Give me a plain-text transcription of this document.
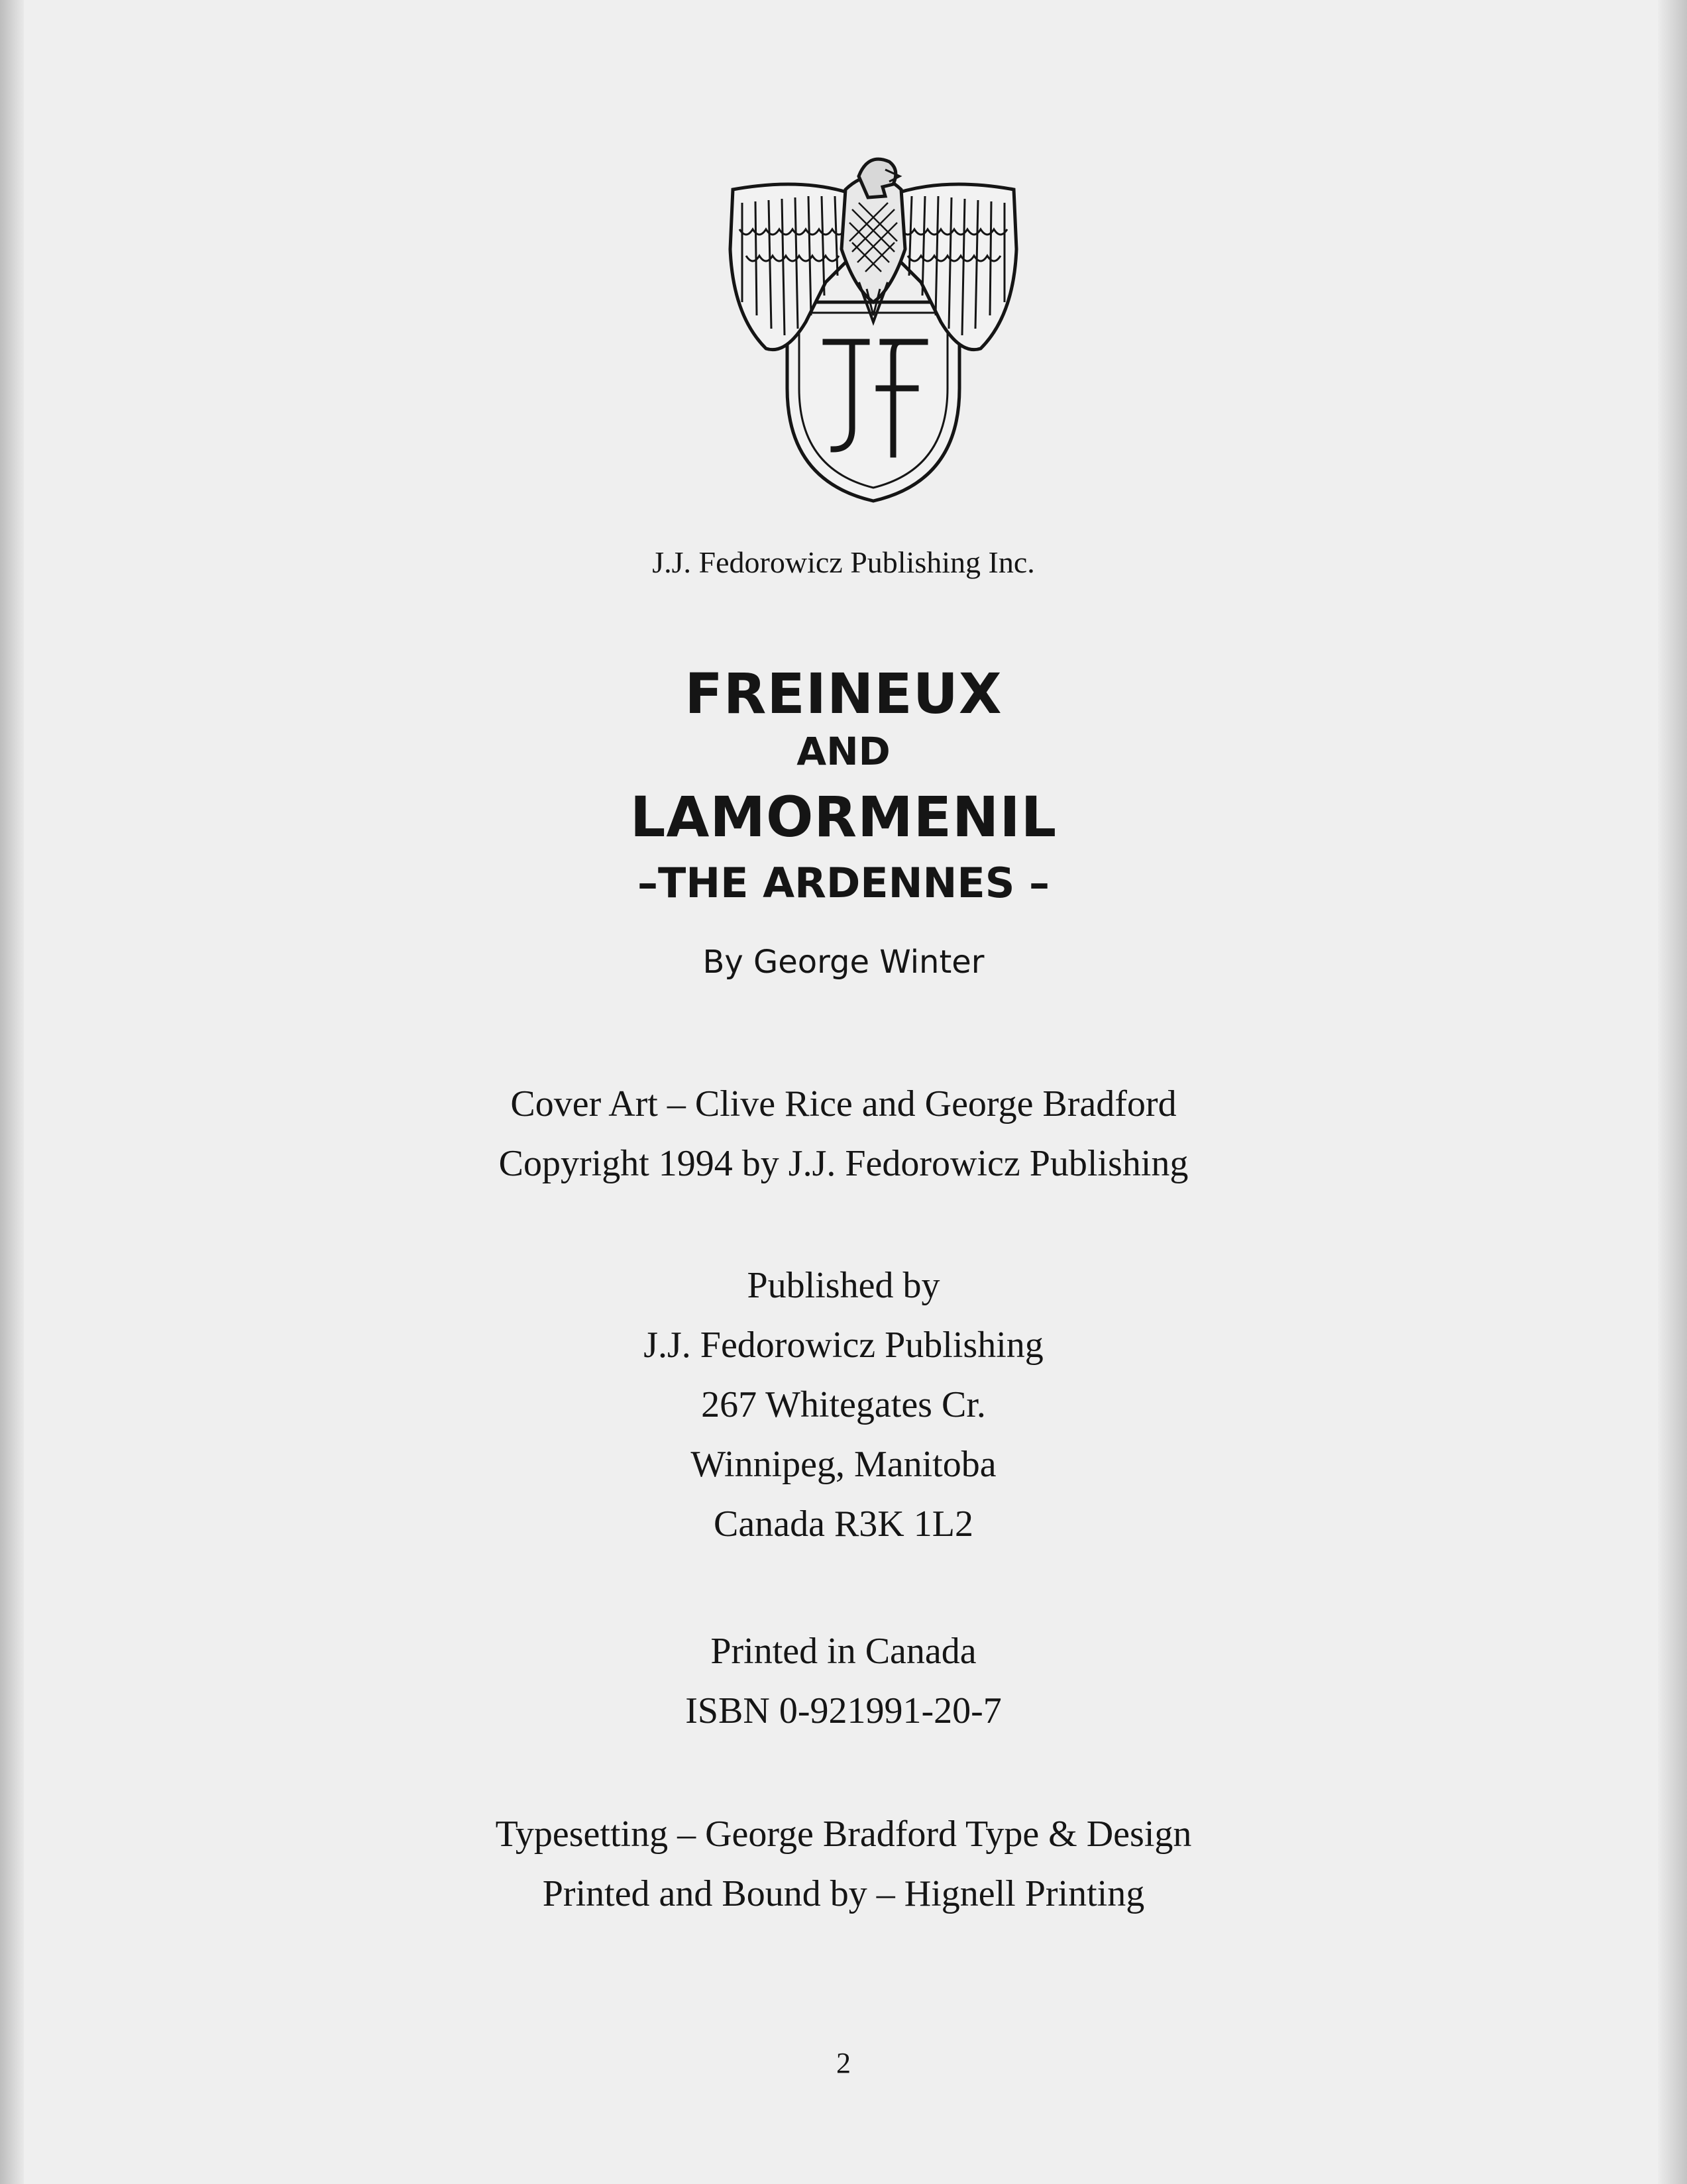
J.J. Fedorowicz Publishing Inc.
FREINEUX
AND
LAMORMENIL
–THE ARDENNES –
By George Winter
Cover Art – Clive Rice and George Bradford
Copyright 1994 by J.J. Fedorowicz Publishing
Published by
J.J. Fedorowicz Publishing
267 Whitegates Cr.
Winnipeg, Manitoba
Canada R3K 1L2
Printed in Canada
ISBN 0-921991-20-7
Typesetting – George Bradford Type & Design
Printed and Bound by – Hignell Printing
2
